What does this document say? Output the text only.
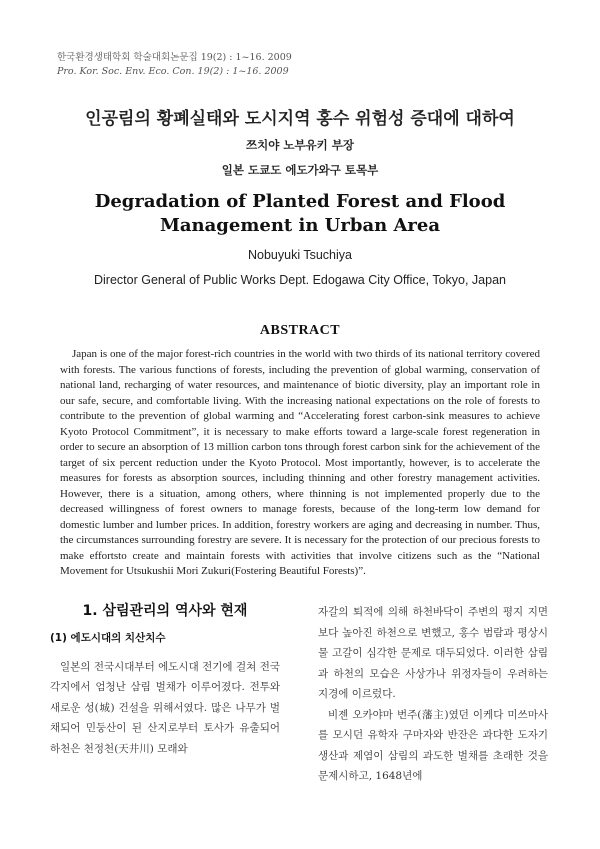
한국환경생태학회 학술대회논문집 19(2) : 1~16. 2009
Pro. Kor. Soc. Env. Eco. Con. 19(2) : 1~16. 2009
인공림의 황폐실태와 도시지역 홍수 위험성 증대에 대하여
쯔치야 노부유키 부장
일본 도쿄도 에도가와구 토목부
Degradation of Planted Forest and Flood Management in Urban Area
Nobuyuki Tsuchiya
Director General of Public Works Dept. Edogawa City Office, Tokyo, Japan
ABSTRACT
Japan is one of the major forest-rich countries in the world with two thirds of its national territory covered with forests. The various functions of forests, including the prevention of global warming, conservation of national land, recharging of water resources, and maintenance of biotic diversity, play an important role in our safe, secure, and comfortable living. With the increasing national expectations on the role of forests to contribute to the prevention of global warming and “Accelerating forest carbon-sink measures to achieve Kyoto Protocol Commitment”, it is necessary to make efforts toward a large-scale forest regeneration in order to secure an absorption of 13 million carbon tons through forest carbon sink for the achievement of the target of six percent reduction under the Kyoto Protocol. Most importantly, however, is to accelerate the measures for forests as absorption sources, including thinning and other forestry management activities. However, there is a situation, among others, where thinning is not implemented properly due to the decreased willingness of forest owners to manage forests, because of the long-term low demand for domestic lumber and lumber prices. In addition, forestry workers are aging and decreasing in number. Thus, the circumstances surrounding forestry are severe. It is necessary for the protection of our precious forests to make effortsto create and maintain forests with activities that involve citizens such as the “National Movement for Utsukushii Mori Zukuri(Fostering Beautiful Forests)”.
1. 삼림관리의 역사와 현재
(1) 에도시대의 치산치수

일본의 전국시대부터 에도시대 전기에 걸쳐 전국 각지에서 엄청난 삼림 벌채가 이루어졌다. 전투와 새로운 성(城) 건설을 위해서였다. 많은 나무가 벌채되어 민둥산이 된 산지로부터 토사가 유출되어 하천은 천정천(天井川) 모래와

자갈의 퇴적에 의해 하천바닥이 주변의 평지 지면보다 높아진 하천으로 변했고, 홍수 범람과 평상시 물 고갈이 심각한 문제로 대두되었다. 이러한 삼림과 하천의 모습은 사상가나 위정자들이 우려하는 지경에 이르렀다.

비젠 오카야마 번주(藩主)였던 이케다 미쓰마사를 모시던 유학자 구마자와 반잔은 과다한 도자기 생산과 제염이 삼림의 과도한 벌채를 초래한 것을 문제시하고, 1648년에
